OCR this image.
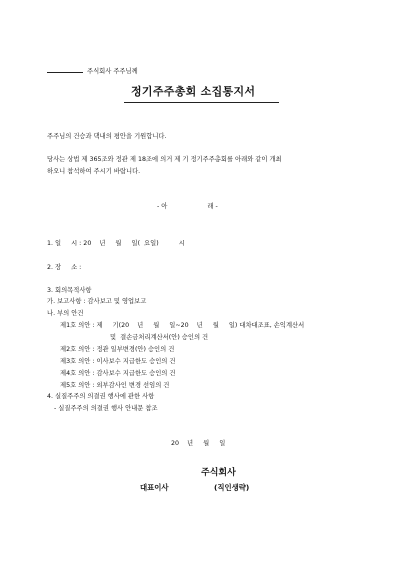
주식회사 주주님께
정기주주총회 소집통지서
주주님의 건승과 댁내의 평안을 기원합니다.
당사는 상법 제 365조와 정관 제 18조에 의거 제 기 정기주주총회를 아래와 같이 개최
하오니 참석하여 주시기 바랍니다.
- 아                    래 -
1. 일     시 : 20    년     월     일(  요일)          시
2. 장     소 :
3. 회의목적사항
가. 보고사항 : 감사보고 및 영업보고
나. 부의 안건
제1호 의안 : 제     기(20    년     월     일~20    년     월     일) 대차대조표, 손익계산서
및  결손금처리계산서(안) 승인의 건
제2호 의안 : 정관 일부변경(안) 승인의 건
제3호 의안 : 이사보수 지급한도 승인의 건
제4호 의안 : 감사보수 지급한도 승인의 건
제5호 의안 : 외부감사인 변경 선임의 건
4. 실질주주의 의결권 행사에 관한 사항
- 실질주주의 의결권 행사 안내문 참조
20    년     월     일
주식회사
대표이사	(직인생략)
